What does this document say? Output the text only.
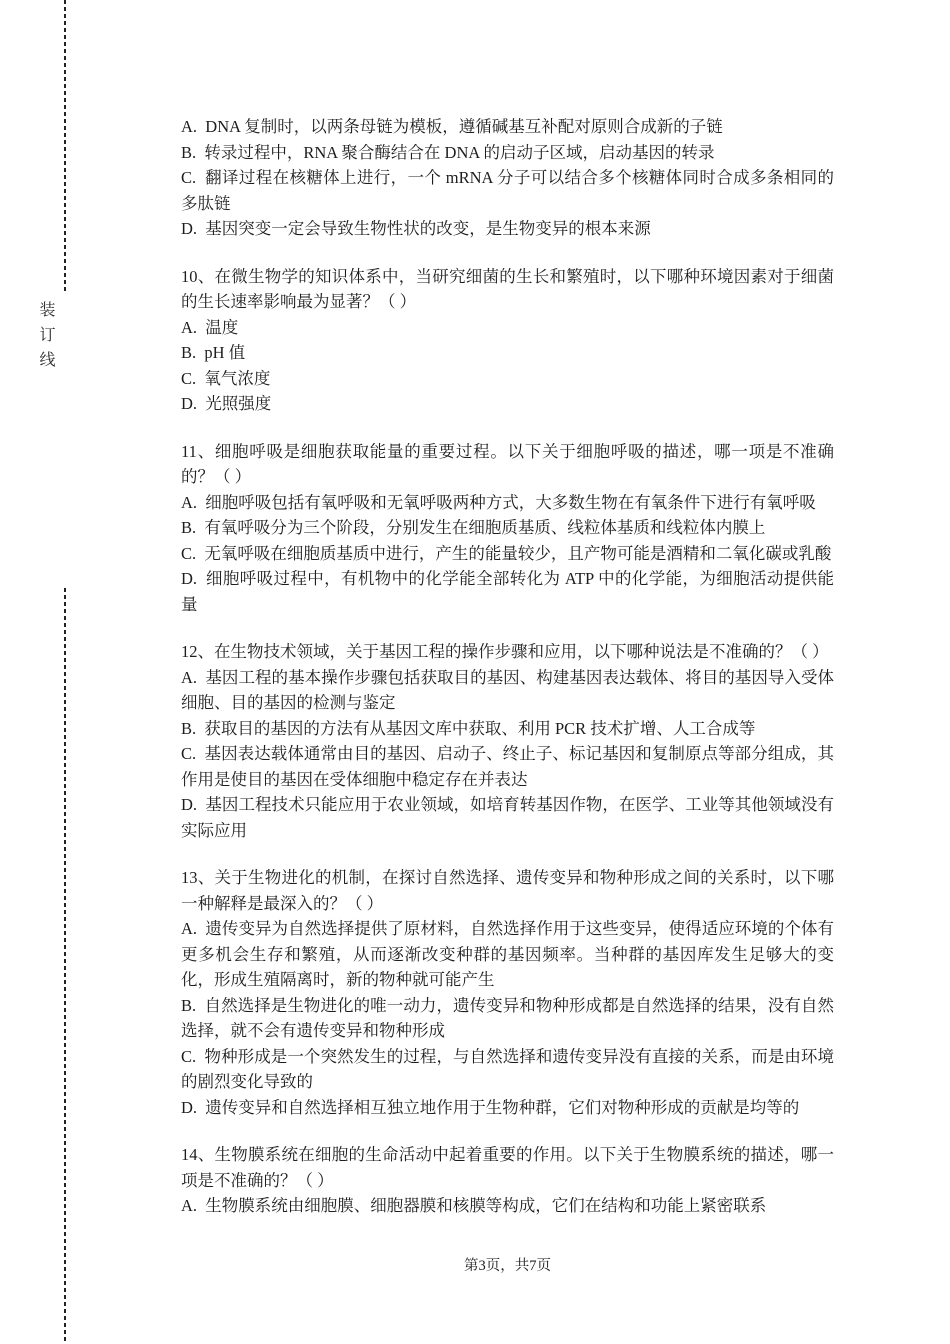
装订线

A.  DNA 复制时，以两条母链为模板，遵循碱基互补配对原则合成新的子链

B.  转录过程中，RNA 聚合酶结合在 DNA 的启动子区域，启动基因的转录

C.  翻译过程在核糖体上进行，一个 mRNA 分子可以结合多个核糖体同时合成多条相同的多肽链

D.  基因突变一定会导致生物性状的改变，是生物变异的根本来源

10、在微生物学的知识体系中，当研究细菌的生长和繁殖时，以下哪种环境因素对于细菌的生长速率影响最为显著？（ ）

A.  温度

B.  pH 值

C.  氧气浓度

D.  光照强度

11、细胞呼吸是细胞获取能量的重要过程。以下关于细胞呼吸的描述，哪一项是不准确的？（ ）

A.  细胞呼吸包括有氧呼吸和无氧呼吸两种方式，大多数生物在有氧条件下进行有氧呼吸

B.  有氧呼吸分为三个阶段，分别发生在细胞质基质、线粒体基质和线粒体内膜上

C.  无氧呼吸在细胞质基质中进行，产生的能量较少，且产物可能是酒精和二氧化碳或乳酸

D.  细胞呼吸过程中，有机物中的化学能全部转化为 ATP 中的化学能，为细胞活动提供能量

12、在生物技术领域，关于基因工程的操作步骤和应用，以下哪种说法是不准确的？（ ）

A.  基因工程的基本操作步骤包括获取目的基因、构建基因表达载体、将目的基因导入受体细胞、目的基因的检测与鉴定

B.  获取目的基因的方法有从基因文库中获取、利用 PCR 技术扩增、人工合成等

C.  基因表达载体通常由目的基因、启动子、终止子、标记基因和复制原点等部分组成，其作用是使目的基因在受体细胞中稳定存在并表达

D.  基因工程技术只能应用于农业领域，如培育转基因作物，在医学、工业等其他领域没有实际应用

13、关于生物进化的机制，在探讨自然选择、遗传变异和物种形成之间的关系时，以下哪一种解释是最深入的？（ ）

A.  遗传变异为自然选择提供了原材料，自然选择作用于这些变异，使得适应环境的个体有更多机会生存和繁殖，从而逐渐改变种群的基因频率。当种群的基因库发生足够大的变化，形成生殖隔离时，新的物种就可能产生

B.  自然选择是生物进化的唯一动力，遗传变异和物种形成都是自然选择的结果，没有自然选择，就不会有遗传变异和物种形成

C.  物种形成是一个突然发生的过程，与自然选择和遗传变异没有直接的关系，而是由环境的剧烈变化导致的

D.  遗传变异和自然选择相互独立地作用于生物种群，它们对物种形成的贡献是均等的

14、生物膜系统在细胞的生命活动中起着重要的作用。以下关于生物膜系统的描述，哪一项是不准确的？（ ）

A.  生物膜系统由细胞膜、细胞器膜和核膜等构成，它们在结构和功能上紧密联系

第3页，共7页
